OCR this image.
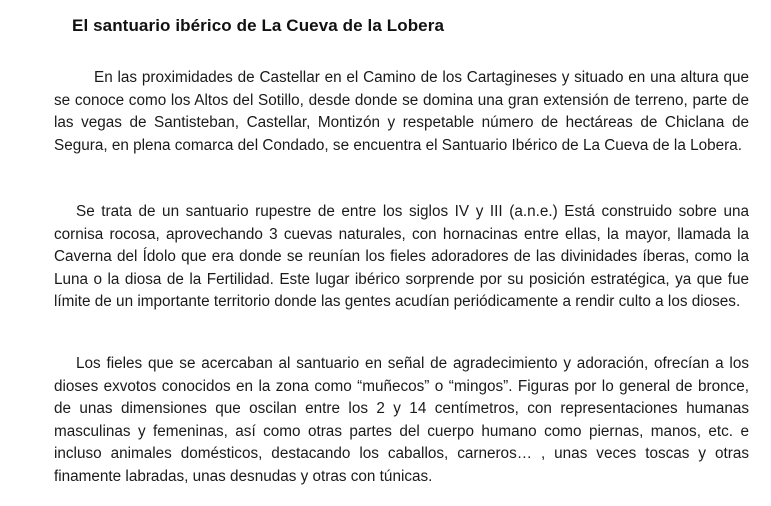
El santuario ibérico de La Cueva de la Lobera

En las proximidades de Castellar en el Camino de los Cartagineses y situado en una altura que se conoce como los Altos del Sotillo, desde donde se domina una gran extensión de terreno, parte de las vegas de Santisteban, Castellar, Montizón y respetable número de hectáreas de Chiclana de Segura, en plena comarca del Condado, se encuentra el Santuario Ibérico de La Cueva de la Lobera.

Se trata de un santuario rupestre de entre los siglos IV y III (a.n.e.) Está construido sobre una cornisa rocosa, aprovechando 3 cuevas naturales, con hornacinas entre ellas, la mayor, llamada la Caverna del Ídolo que era donde se reunían los fieles adoradores de las divinidades íberas, como la Luna o la diosa de la Fertilidad. Este lugar ibérico sorprende por su posición estratégica, ya que fue límite de un importante territorio donde las gentes acudían periódicamente a rendir culto a los dioses.

Los fieles que se acercaban al santuario en señal de agradecimiento y adoración, ofrecían a los dioses exvotos conocidos en la zona como “muñecos” o “mingos”. Figuras por lo general de bronce, de unas dimensiones que oscilan entre los 2 y 14 centímetros, con representaciones humanas masculinas y femeninas, así como otras partes del cuerpo humano como piernas, manos, etc. e incluso animales domésticos, destacando los caballos, carneros… , unas veces toscas y otras finamente labradas, unas desnudas y otras con túnicas.
